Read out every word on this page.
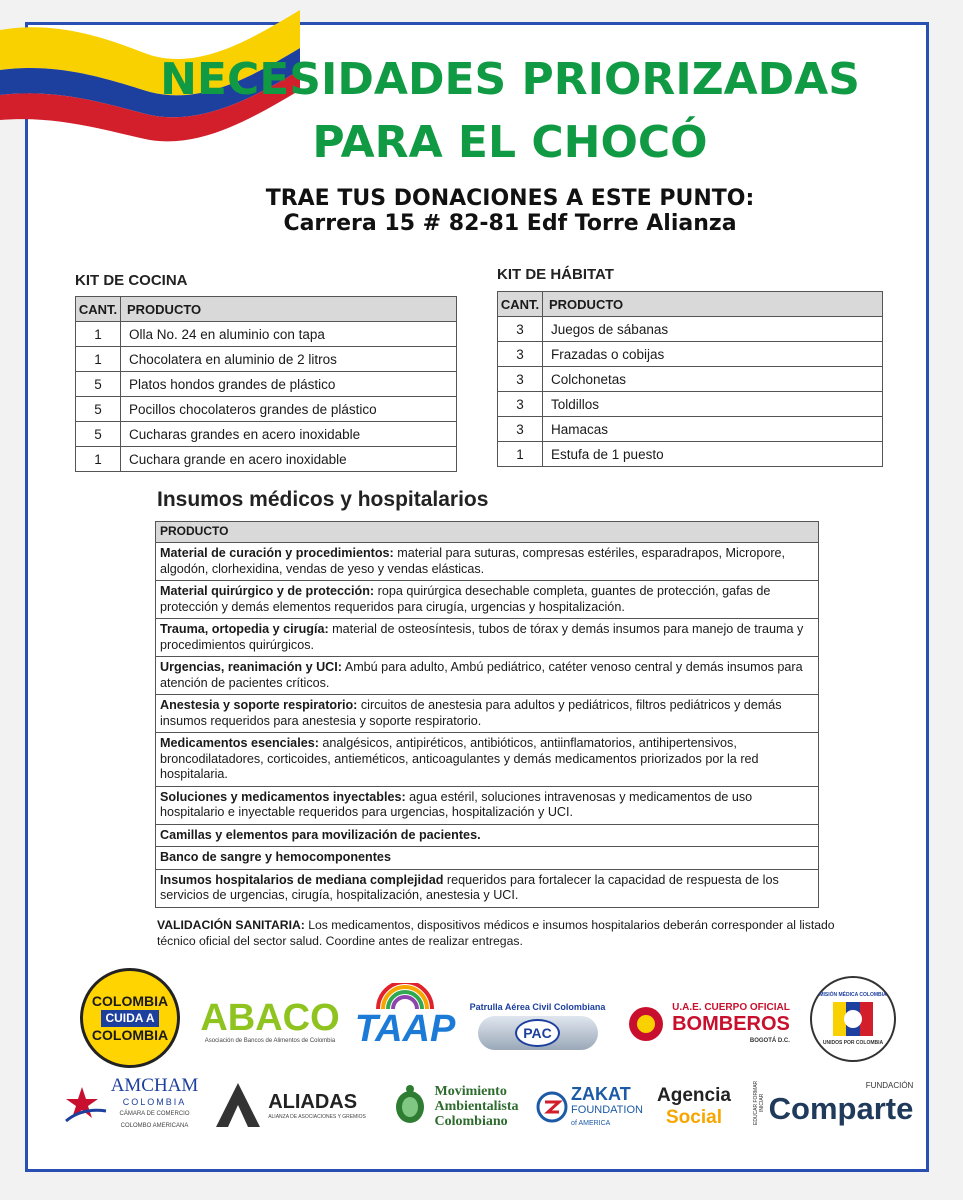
NECESIDADES PRIORIZADAS
PARA EL CHOCÓ
TRAE TUS DONACIONES A ESTE PUNTO:
Carrera 15 # 82-81 Edf Torre Alianza
KIT DE COCINA
CANT.	PRODUCTO
1	Olla No. 24 en aluminio con tapa
1	Chocolatera en aluminio de 2 litros
5	Platos hondos grandes de plástico
5	Pocillos chocolateros grandes de plástico
5	Cucharas grandes en acero inoxidable
1	Cuchara grande en acero inoxidable
KIT DE HÁBITAT
CANT.	PRODUCTO
3	Juegos de sábanas
3	Frazadas o cobijas
3	Colchonetas
3	Toldillos
3	Hamacas
1	Estufa de 1 puesto
Insumos médicos y hospitalarios
PRODUCTO
Material de curación y procedimientos: material para suturas, compresas estériles, esparadrapos, Micropore, algodón, clorhexidina, vendas de yeso y vendas elásticas.
Material quirúrgico y de protección: ropa quirúrgica desechable completa, guantes de protección, gafas de protección y demás elementos requeridos para cirugía, urgencias y hospitalización.
Trauma, ortopedia y cirugía: material de osteosíntesis, tubos de tórax y demás insumos para manejo de trauma y procedimientos quirúrgicos.
Urgencias, reanimación y UCI: Ambú para adulto, Ambú pediátrico, catéter venoso central y demás insumos para atención de pacientes críticos.
Anestesia y soporte respiratorio: circuitos de anestesia para adultos y pediátricos, filtros pediátricos y demás insumos requeridos para anestesia y soporte respiratorio.
Medicamentos esenciales: analgésicos, antipiréticos, antibióticos, antiinflamatorios, antihipertensivos, broncodilatadores, corticoides, antieméticos, anticoagulantes y demás medicamentos priorizados por la red hospitalaria.
Soluciones y medicamentos inyectables: agua estéril, soluciones intravenosas y medicamentos de uso hospitalario e inyectable requeridos para urgencias, hospitalización y UCI.
Camillas y elementos para movilización de pacientes.
Banco de sangre y hemocomponentes
Insumos hospitalarios de mediana complejidad requeridos para fortalecer la capacidad de respuesta de los servicios de urgencias, cirugía, hospitalización, anestesia y UCI.
VALIDACIÓN SANITARIA: Los medicamentos, dispositivos médicos e insumos hospitalarios deberán corresponder al listado técnico oficial del sector salud. Coordine antes de realizar entregas.
COLOMBIA
CUIDA A
COLOMBIA ABACO
Asociación de Bancos de Alimentos de Colombia TAAP
Patrulla Aérea Civil Colombiana
PAC
U.A.E. CUERPO OFICIAL
BOMBEROS
BOGOTÁ D.C.
MISIÓN MÉDICA COLOMBIA
UNIDOS POR COLOMBIA
AMCHAM
COLOMBIA
CÁMARA DE COMERCIO
COLOMBO AMERICANA
ALIADAS
ALIANZA DE ASOCIACIONES Y GREMIOS
Movimiento
Ambientalista
Colombiano
ZAKAT
FOUNDATION
of AMERICA
Agencia
Social	EDUCAR FORMAR INICIAR
FUNDACIÓN
Comparte
